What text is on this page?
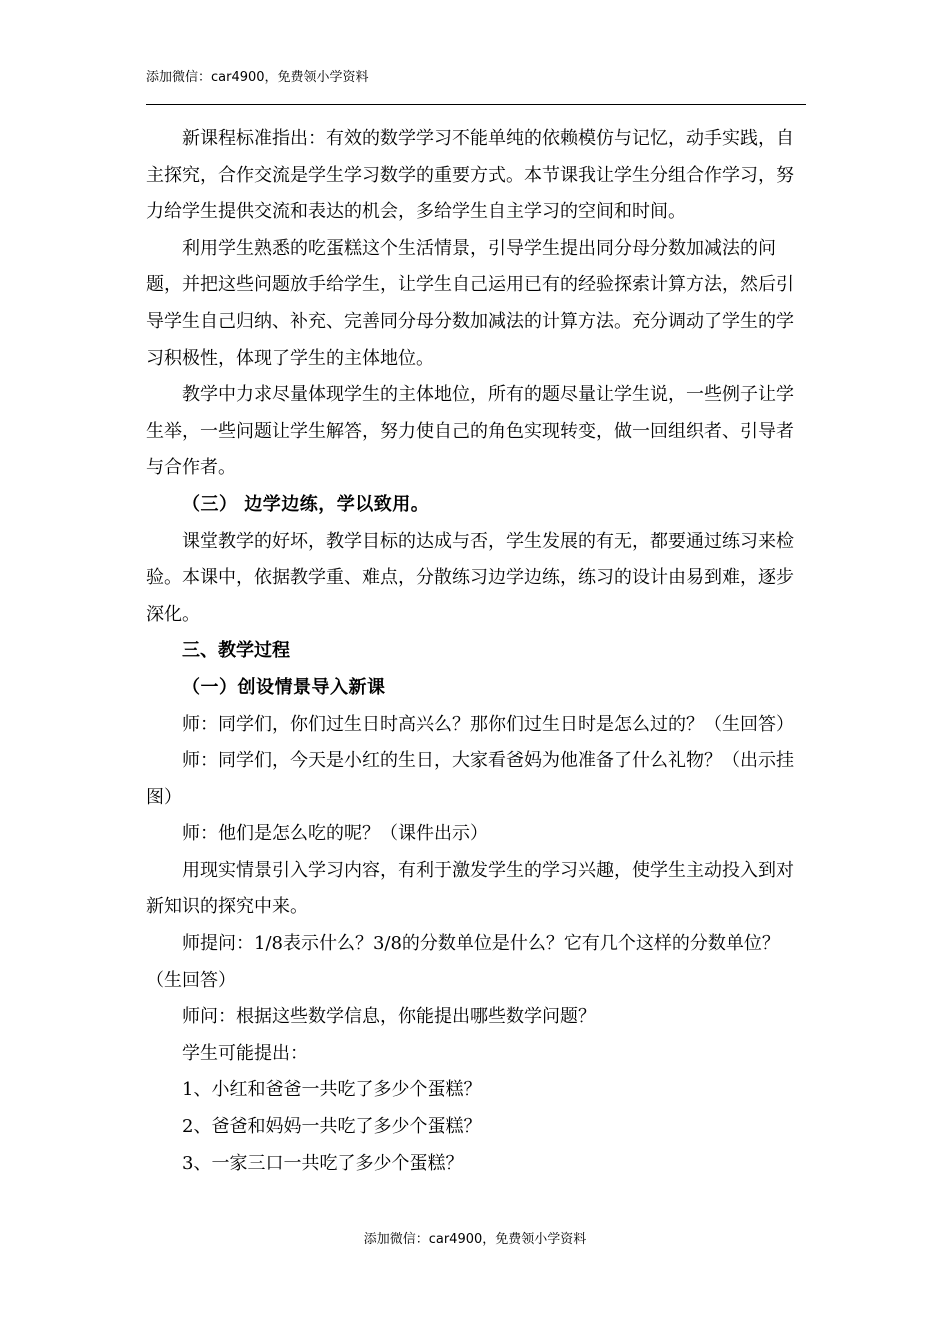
添加微信：car4900，免费领小学资料

新课程标准指出：有效的数学学习不能单纯的依赖模仿与记忆，动手实践，自主探究，合作交流是学生学习数学的重要方式。本节课我让学生分组合作学习，努力给学生提供交流和表达的机会，多给学生自主学习的空间和时间。

利用学生熟悉的吃蛋糕这个生活情景，引导学生提出同分母分数加减法的问题，并把这些问题放手给学生，让学生自己运用已有的经验探索计算方法，然后引导学生自己归纳、补充、完善同分母分数加减法的计算方法。充分调动了学生的学习积极性，体现了学生的主体地位。

教学中力求尽量体现学生的主体地位，所有的题尽量让学生说，一些例子让学生举，一些问题让学生解答，努力使自己的角色实现转变，做一回组织者、引导者与合作者。

（三） 边学边练，学以致用。

课堂教学的好坏，教学目标的达成与否，学生发展的有无，都要通过练习来检验。本课中，依据教学重、难点，分散练习边学边练，练习的设计由易到难，逐步深化。

三、教学过程

（一）创设情景导入新课

师：同学们，你们过生日时高兴么？那你们过生日时是怎么过的？（生回答）

师：同学们，今天是小红的生日，大家看爸妈为他准备了什么礼物？（出示挂图）

师：他们是怎么吃的呢？（课件出示）

用现实情景引入学习内容，有利于激发学生的学习兴趣，使学生主动投入到对新知识的探究中来。

师提问：1/8表示什么？3/8的分数单位是什么？它有几个这样的分数单位？（生回答）

师问：根据这些数学信息，你能提出哪些数学问题？

学生可能提出：

1、小红和爸爸一共吃了多少个蛋糕？

2、爸爸和妈妈一共吃了多少个蛋糕？

3、一家三口一共吃了多少个蛋糕？

添加微信：car4900，免费领小学资料
